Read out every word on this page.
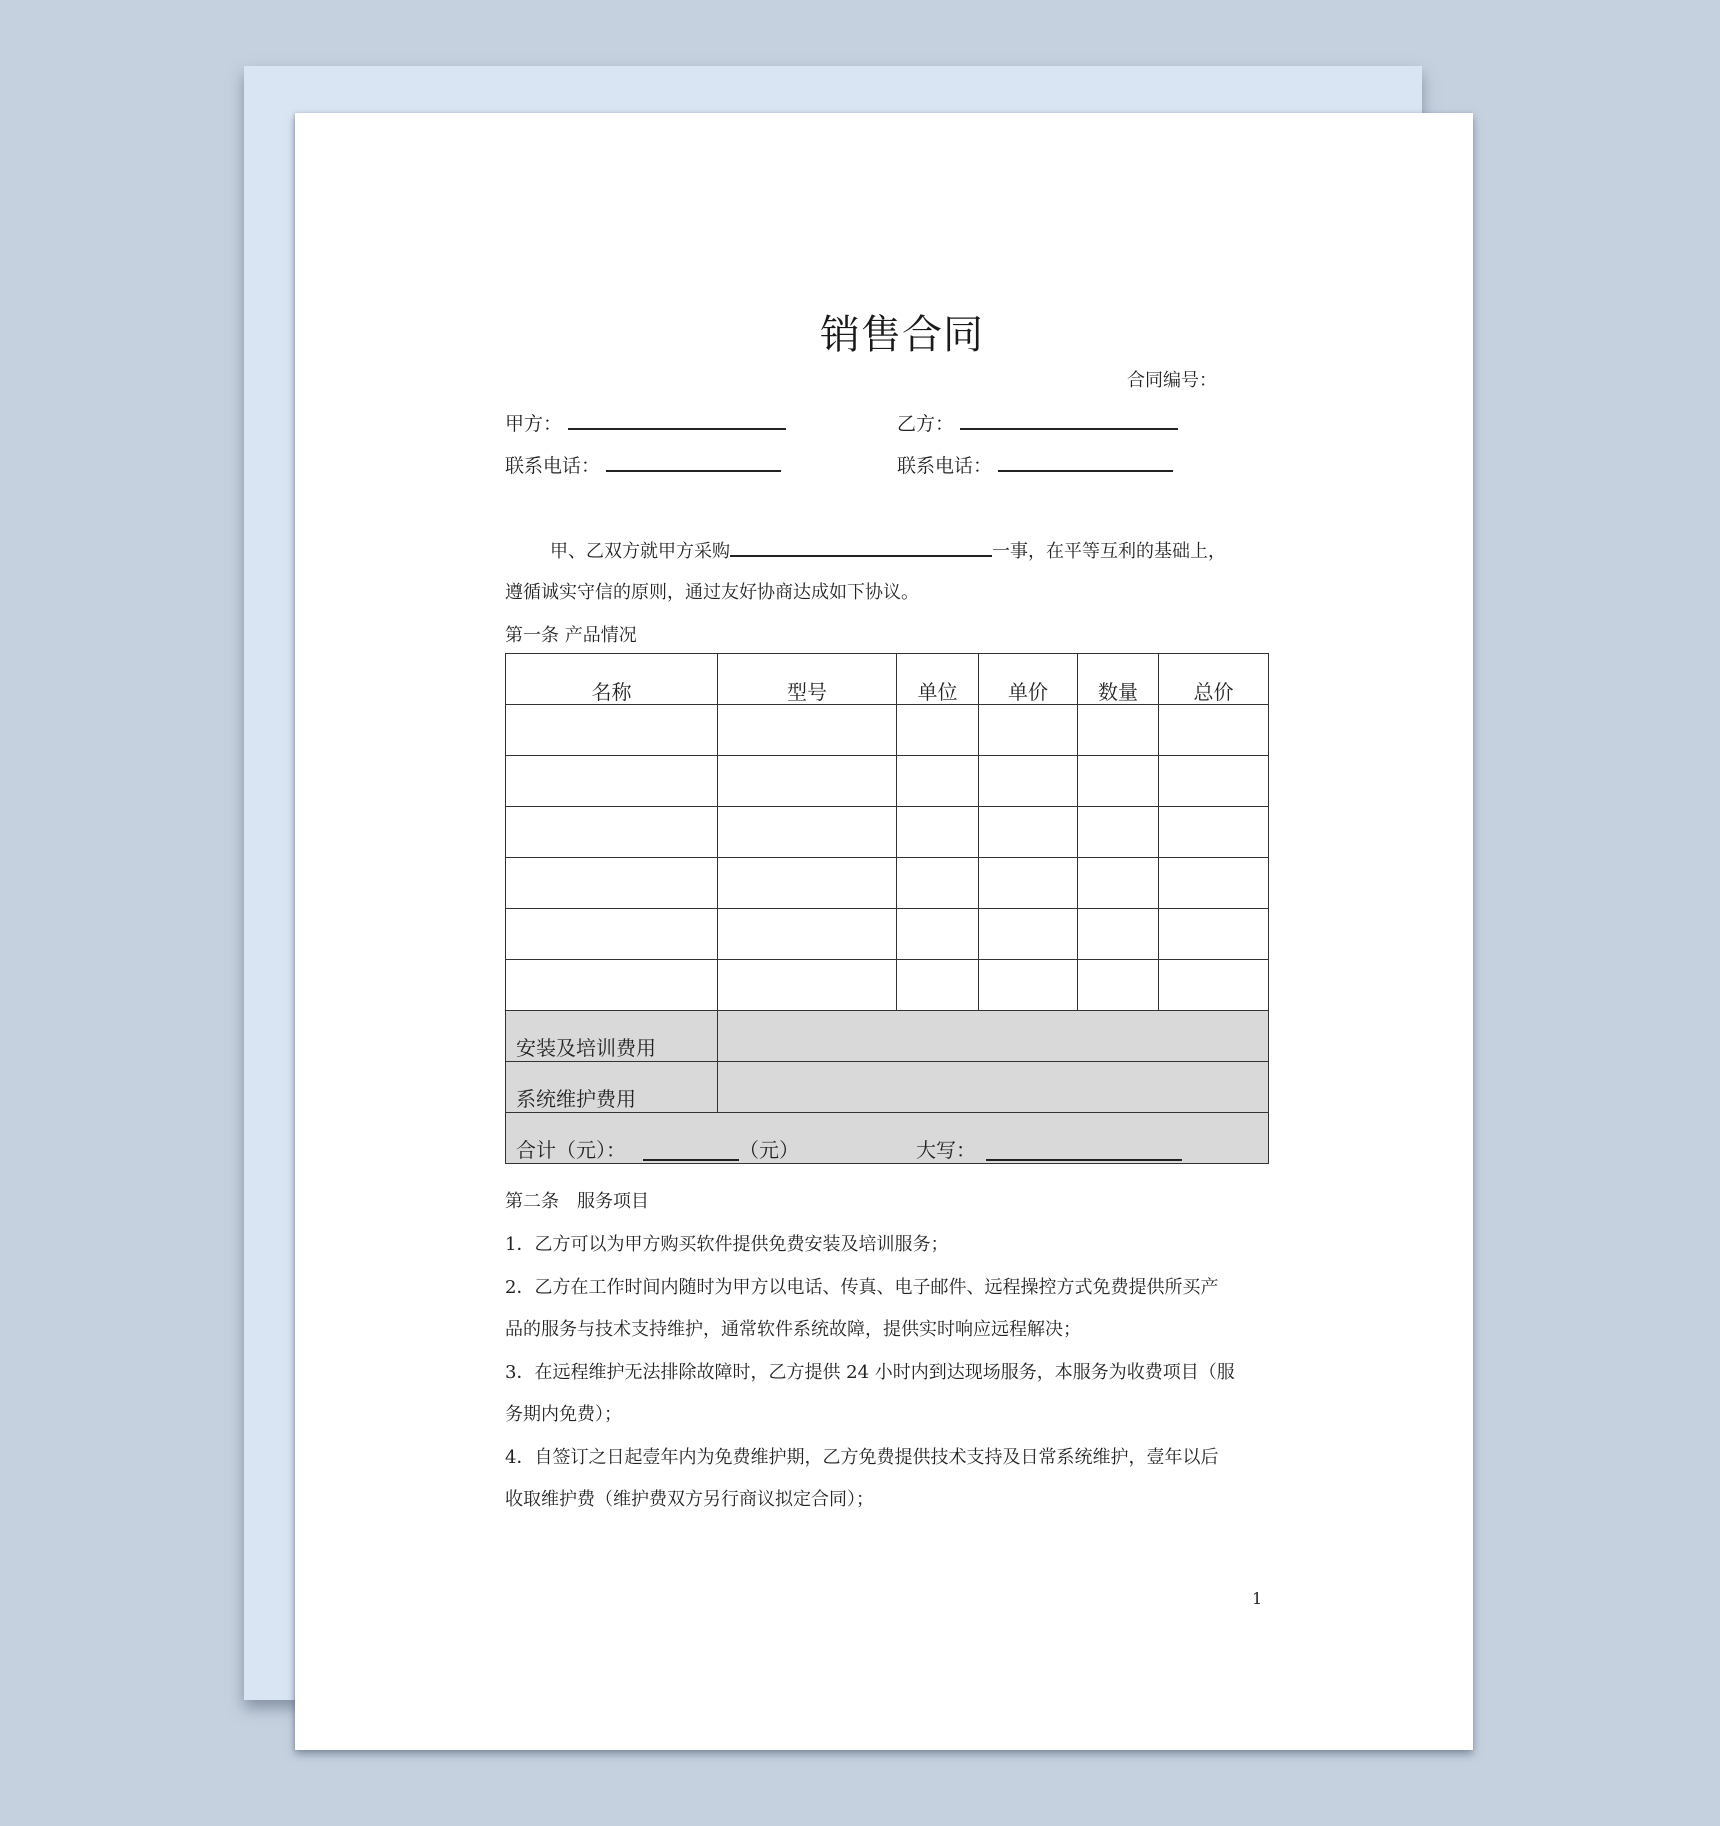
销售合同
合同编号：
甲方：	乙方：
联系电话：	联系电话：
甲、乙双方就甲方采购	一事，在平等互利的基础上，
遵循诚实守信的原则，通过友好协商达成如下协议。
第一条 产品情况
名称	型号	单位	单价	数量	总价

安装及培训费用					
系统维护费用					

合计（元）： （元） 大写：					
第二条　服务项目
1．乙方可以为甲方购买软件提供免费安装及培训服务；
2．乙方在工作时间内随时为甲方以电话、传真、电子邮件、远程操控方式免费提供所买产
品的服务与技术支持维护，通常软件系统故障，提供实时响应远程解决；
3．在远程维护无法排除故障时，乙方提供 24 小时内到达现场服务，本服务为收费项目（服
务期内免费）；
4．自签订之日起壹年内为免费维护期，乙方免费提供技术支持及日常系统维护，壹年以后
收取维护费（维护费双方另行商议拟定合同）；
1
